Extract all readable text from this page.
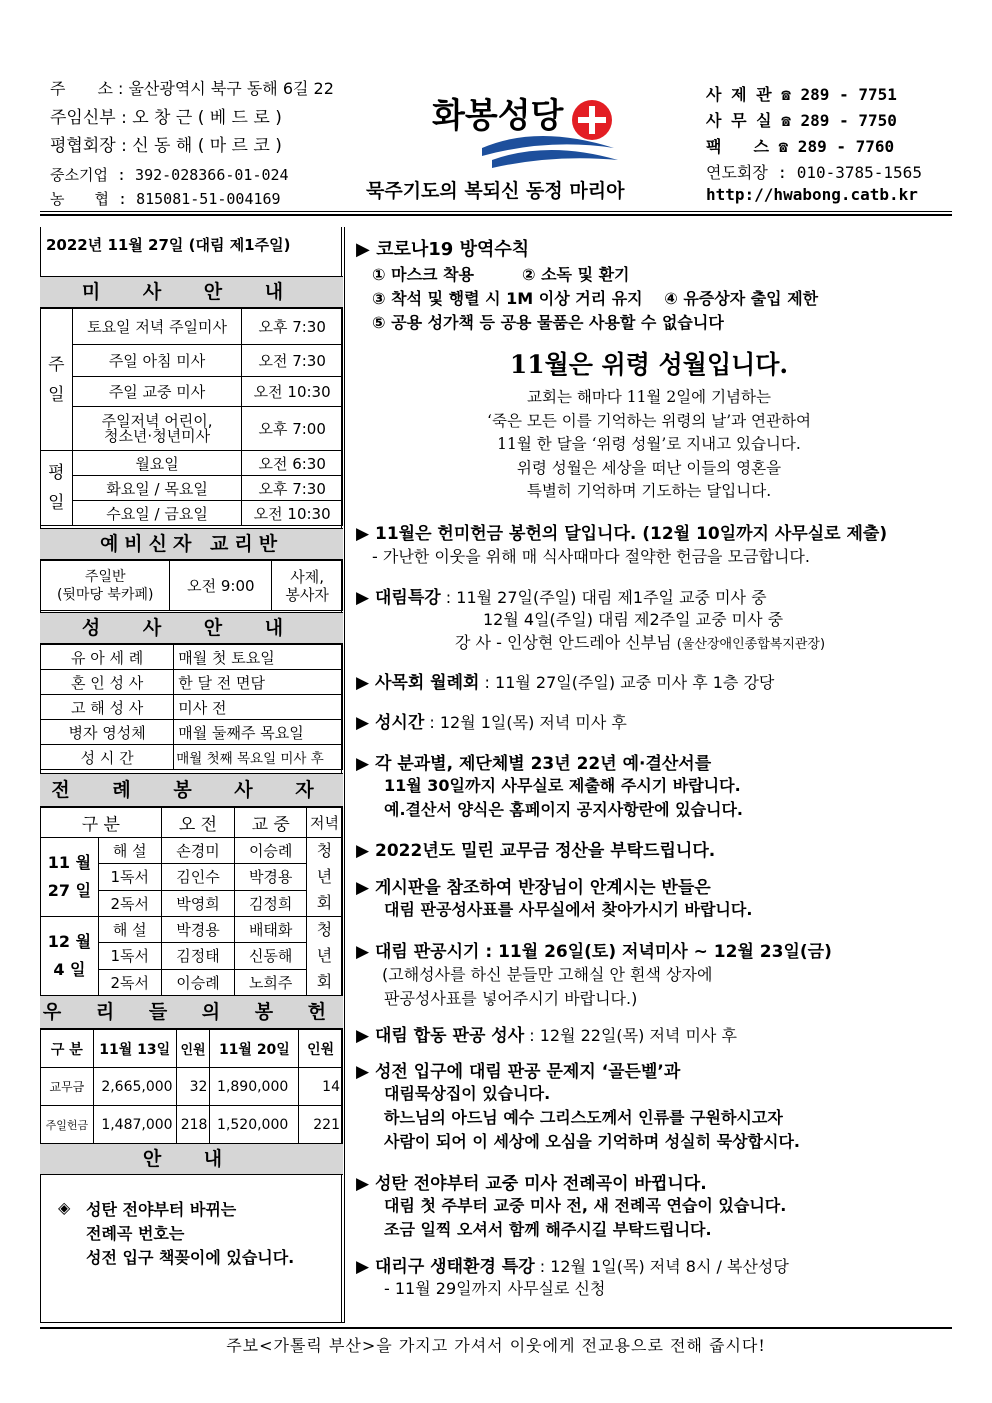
주　　소 : 울산광역시 북구 동해 6길 22
주임신부 : 오 창 근 ( 베 드 로 )
평협회장 : 신 동 해 ( 마 르 코 )
중소기업 : 392-028366-01-024
농　　협 : 815081-51-004169
화봉성당
묵주기도의 복되신 동정 마리아
사 제 관 ☎ 289 - 7751
사 무 실 ☎ 289 - 7750
팩　　스 ☎ 289 - 7760
연도회장 : 010-3785-1565
http://hwabong.catb.kr
2022년 11월 27일 (대림 제1주일)
미 사 안 내
주
일	토요일 저녁 주일미사	오후 7:30
	주일 아침 미사	오전 7:30
	주일 교중 미사	오전 10:30
	주일저녁 어린이,
청소년·청년미사	오후 7:00
평
일	월요일	오전 6:30
	화요일 / 목요일	오후 7:30
	수요일 / 금요일	오전 10:30
예비신자 교리반
주일반
(뒷마당 북카페)	오전 9:00	사제,
봉사자
성 사 안 내
유 아 세 례	매월 첫 토요일
혼 인 성 사	한 달 전 면담
고 해 성 사	미사 전
병자 영성체	매월 둘째주 목요일
성 시 간	매월 첫째 목요일 미사 후
전 례 봉 사 자
구 분		오 전	교 중	저녁
11 월
27 일	해 설	손경미	이승례	청
년
회
	1독서	김인수	박경용	
	2독서	박영희	김정희	
12 월
4 일	해 설	박경용	배태화	청
년
회
	1독서	김정태	신동해	
	2독서	이승례	노희주	
우 리 들 의 봉 헌
구 분	11월 13일	인원	11월 20일	인원
교무금	2,665,000	32	1,890,000	14
주일헌금	1,487,000	218	1,520,000	221
안 내
◈ 성탄 전야부터 바뀌는
전례곡 번호는
성전 입구 책꽂이에 있습니다.
▶ 코로나19 방역수칙
① 마스크 착용　　　② 소독 및 환기
③ 착석 및 행렬 시 1M 이상 거리 유지　 ④ 유증상자 출입 제한
⑤ 공용 성가책 등 공용 물품은 사용할 수 없습니다
11월은 위령 성월입니다.
교회는 해마다 11월 2일에 기념하는
‘죽은 모든 이를 기억하는 위령의 날’과 연관하여
11월 한 달을 ‘위령 성월’로 지내고 있습니다.
위령 성월은 세상을 떠난 이들의 영혼을
특별히 기억하며 기도하는 달입니다.
▶ 11월은 헌미헌금 봉헌의 달입니다. (12월 10일까지 사무실로 제출)
- 가난한 이웃을 위해 매 식사때마다 절약한 헌금을 모금합니다.
▶ 대림특강 : 11월 27일(주일) 대림 제1주일 교중 미사 중
12월 4일(주일) 대림 제2주일 교중 미사 중
강 사 - 인상현 안드레아 신부님 (울산장애인종합복지관장)
▶ 사목회 월례회 : 11월 27일(주일) 교중 미사 후 1층 강당
▶ 성시간 : 12월 1일(목) 저녁 미사 후
▶ 각 분과별, 제단체별 23년 22년 예·결산서를
11월 30일까지 사무실로 제출해 주시기 바랍니다.
예.결산서 양식은 홈페이지 공지사항란에 있습니다.
▶ 2022년도 밀린 교무금 정산을 부탁드립니다.
▶ 게시판을 참조하여 반장님이 안계시는 반들은
대림 판공성사표를 사무실에서 찾아가시기 바랍니다.
▶ 대림 판공시기 : 11월 26일(토) 저녁미사 ~ 12월 23일(금)
(고해성사를 하신 분들만 고해실 안 흰색 상자에
판공성사표를 넣어주시기 바랍니다.)
▶ 대림 합동 판공 성사 : 12월 22일(목) 저녁 미사 후
▶ 성전 입구에 대림 판공 문제지 ‘골든벨’과
대림묵상집이 있습니다.
하느님의 아드님 예수 그리스도께서 인류를 구원하시고자
사람이 되어 이 세상에 오심을 기억하며 성실히 묵상합시다.
▶ 성탄 전야부터 교중 미사 전례곡이 바뀝니다.
대림 첫 주부터 교중 미사 전, 새 전례곡 연습이 있습니다.
조금 일찍 오셔서 함께 해주시길 부탁드립니다.
▶ 대리구 생태환경 특강 : 12월 1일(목) 저녁 8시 / 복산성당
- 11월 29일까지 사무실로 신청
주보<가톨릭 부산>을 가지고 가셔서 이웃에게 전교용으로 전해 줍시다!
